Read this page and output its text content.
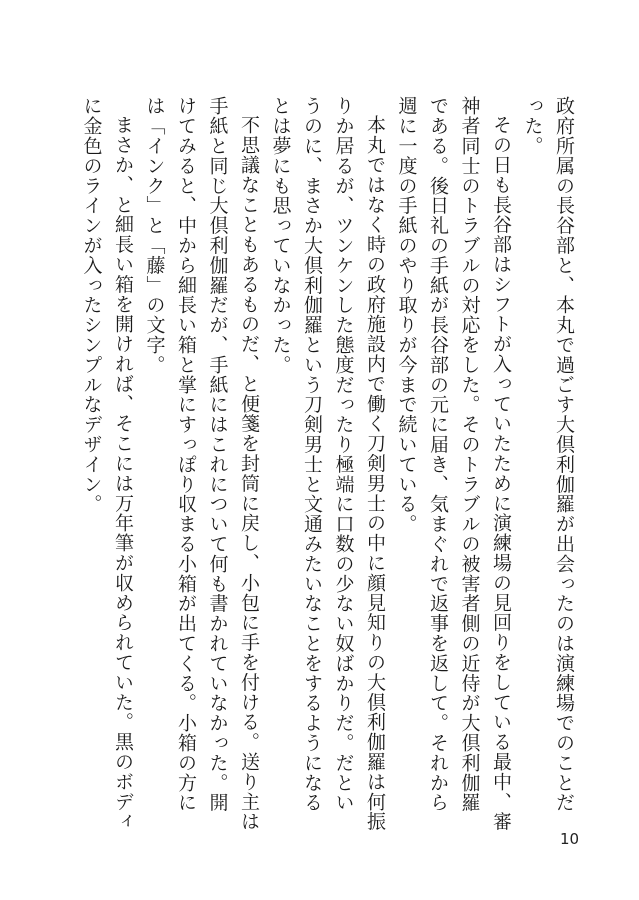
政府所属の長谷部と、本丸で過ごす大倶利伽羅が出会ったのは演練場でのことだった。

その日も長谷部はシフトが入っていたために演練場の見回りをしている最中、審神者同士のトラブルの対応をした。そのトラブルの被害者側の近侍が大倶利伽羅である。後日礼の手紙が長谷部の元に届き、気まぐれで返事を返して。それから週に一度の手紙のやり取りが今まで続いている。

本丸ではなく時の政府施設内で働く刀剣男士の中に顔見知りの大倶利伽羅は何振りか居るが、ツンケンした態度だったり極端に口数の少ない奴ばかりだ。だというのに、まさか大倶利伽羅という刀剣男士と文通みたいなことをするようになるとは夢にも思っていなかった。

不思議なこともあるものだ、と便箋を封筒に戻し、小包に手を付ける。送り主は手紙と同じ大倶利伽羅だが、手紙にはこれについて何も書かれていなかった。開けてみると、中から細長い箱と掌にすっぽり収まる小箱が出てくる。小箱の方には「インク」と「藤」の文字。

まさか、と細長い箱を開ければ、そこには万年筆が収められていた。黒のボディに金色のラインが入ったシンプルなデザイン。

10
